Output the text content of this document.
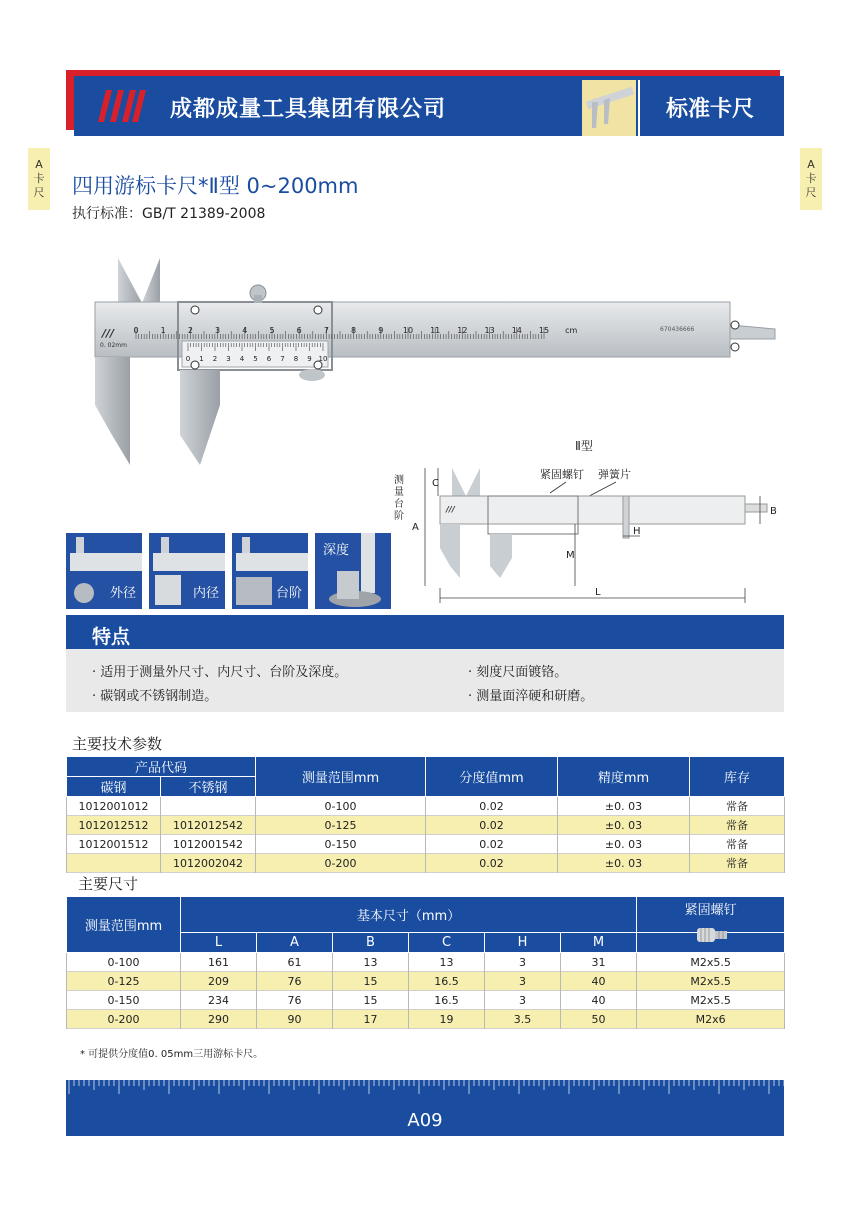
成都成量工具集团有限公司	标准卡尺
A
卡
尺
A
卡
尺
四用游标卡尺*Ⅱ型 0~200mm
执行标准：GB/T 21389-2008
///
0. 02mm
670436666
0	1	2	3	4	5	6	7	8	9 10 11 12 13 14 15 cm
0 1 2 3 4 5 6 7 8 9 10
Ⅱ型
测量台阶
紧固螺钉 弹簧片
///
A
C
B
H
M
L
外径	内径	台阶
深度
特点
· 适用于测量外尺寸、内尺寸、台阶及深度。	· 刻度尺面镀铬。
· 碳钢或不锈钢制造。	· 测量面淬硬和研磨。
主要技术参数
产品代码		测量范围mm	分度值mm	精度mm	库存
碳钢	不锈钢				
1012001012		0-100	0.02	±0. 03	常备
1012012512	1012012542	0-125	0.02	±0. 03	常备
1012001512	1012001542	0-150	0.02	±0. 03	常备
	1012002042	0-200	0.02	±0. 03	常备
主要尺寸
测量范围mm	基本尺寸（mm）						紧固螺钉

	L	A	B	C	H	M	
0-100	161	61	13	13	3	31	M2x5.5
0-125	209	76	15	16.5	3	40	M2x5.5
0-150	234	76	15	16.5	3	40	M2x5.5
0-200	290	90	17	19	3.5	50	M2x6
* 可提供分度值0. 05mm三用游标卡尺。
A09
